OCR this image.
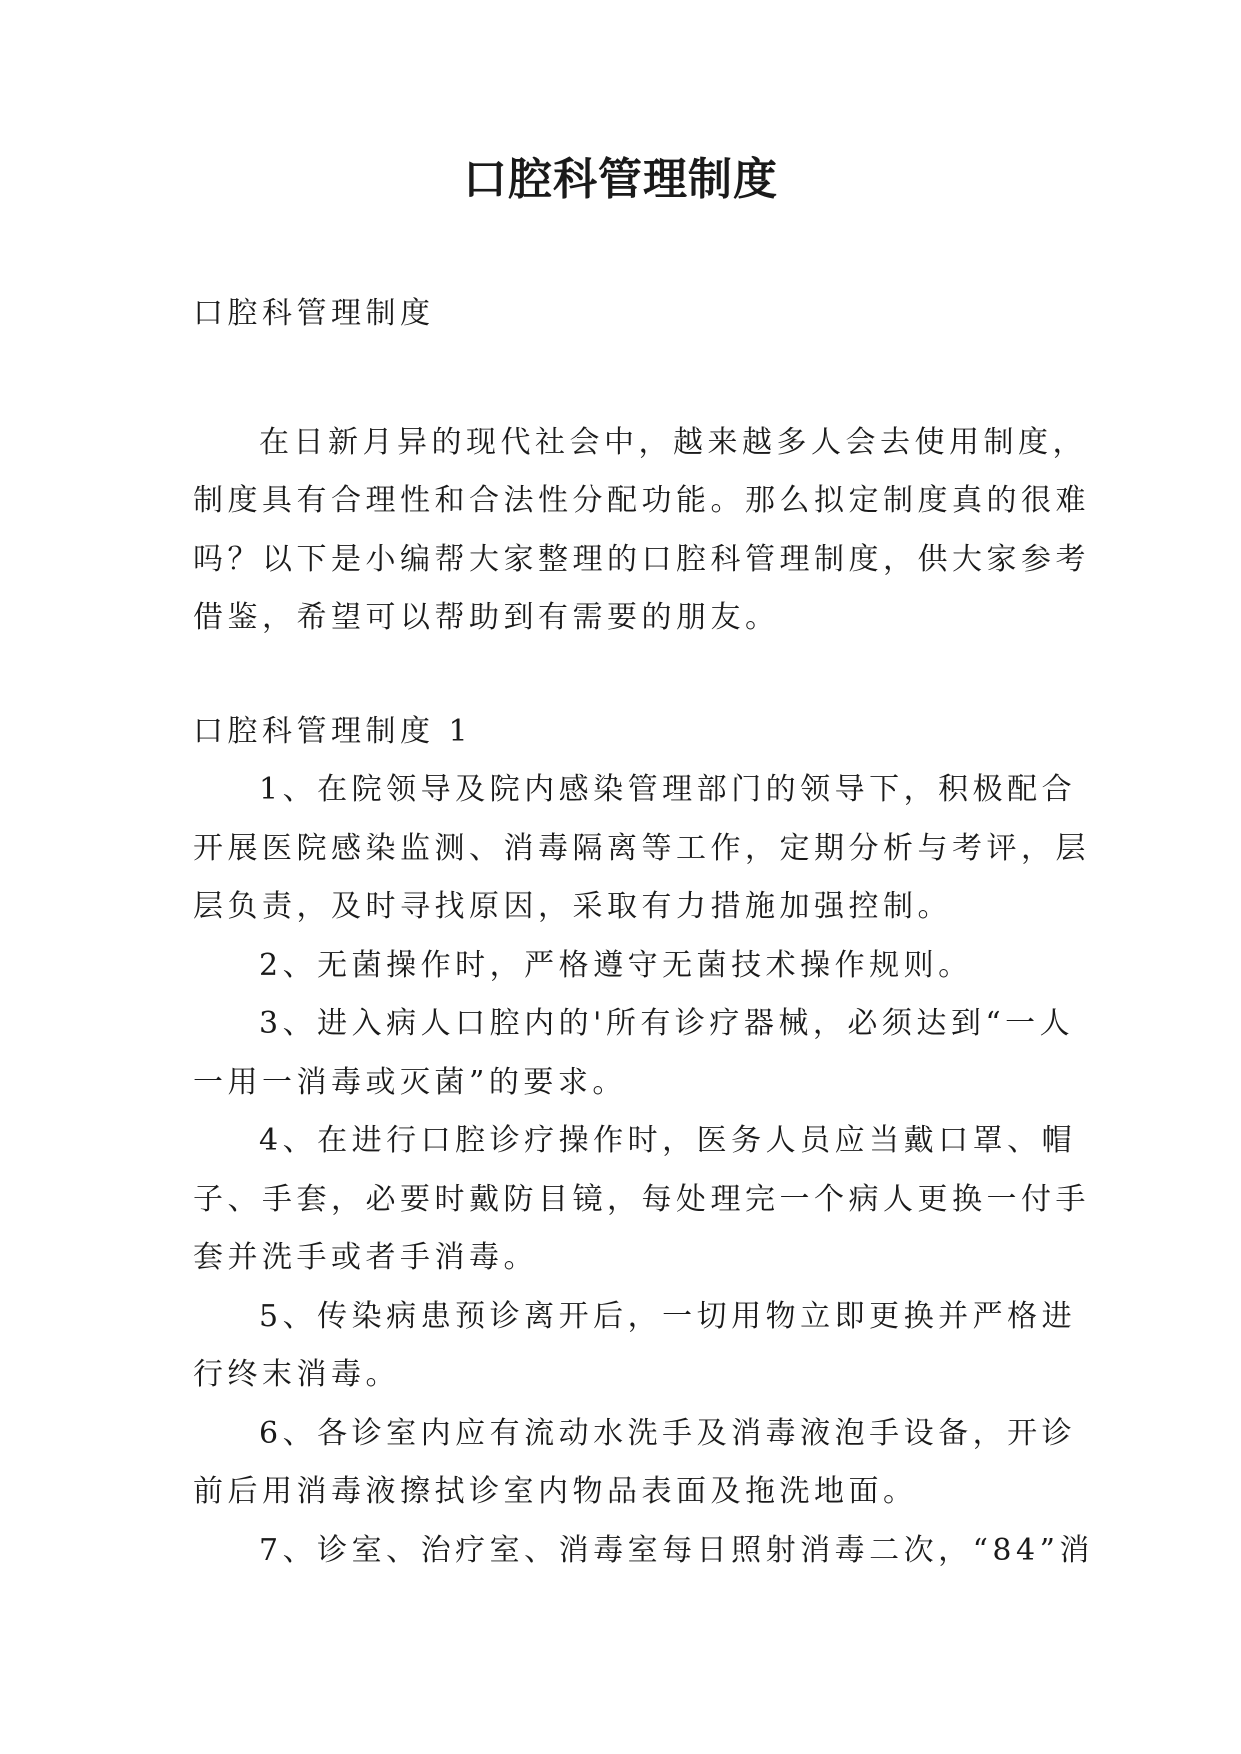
口腔科管理制度
口腔科管理制度
在日新月异的现代社会中，越来越多人会去使用制度，
制度具有合理性和合法性分配功能。那么拟定制度真的很难
吗？以下是小编帮大家整理的口腔科管理制度，供大家参考
借鉴，希望可以帮助到有需要的朋友。
口腔科管理制度 1
1、在院领导及院内感染管理部门的领导下，积极配合
开展医院感染监测、消毒隔离等工作，定期分析与考评，层
层负责，及时寻找原因，采取有力措施加强控制。
2、无菌操作时，严格遵守无菌技术操作规则。
3、进入病人口腔内的'所有诊疗器械，必须达到“一人
一用一消毒或灭菌”的要求。
4、在进行口腔诊疗操作时，医务人员应当戴口罩、帽
子、手套，必要时戴防目镜，每处理完一个病人更换一付手
套并洗手或者手消毒。
5、传染病患预诊离开后，一切用物立即更换并严格进
行终末消毒。
6、各诊室内应有流动水洗手及消毒液泡手设备，开诊
前后用消毒液擦拭诊室内物品表面及拖洗地面。
7、诊室、治疗室、消毒室每日照射消毒二次，“84”消
